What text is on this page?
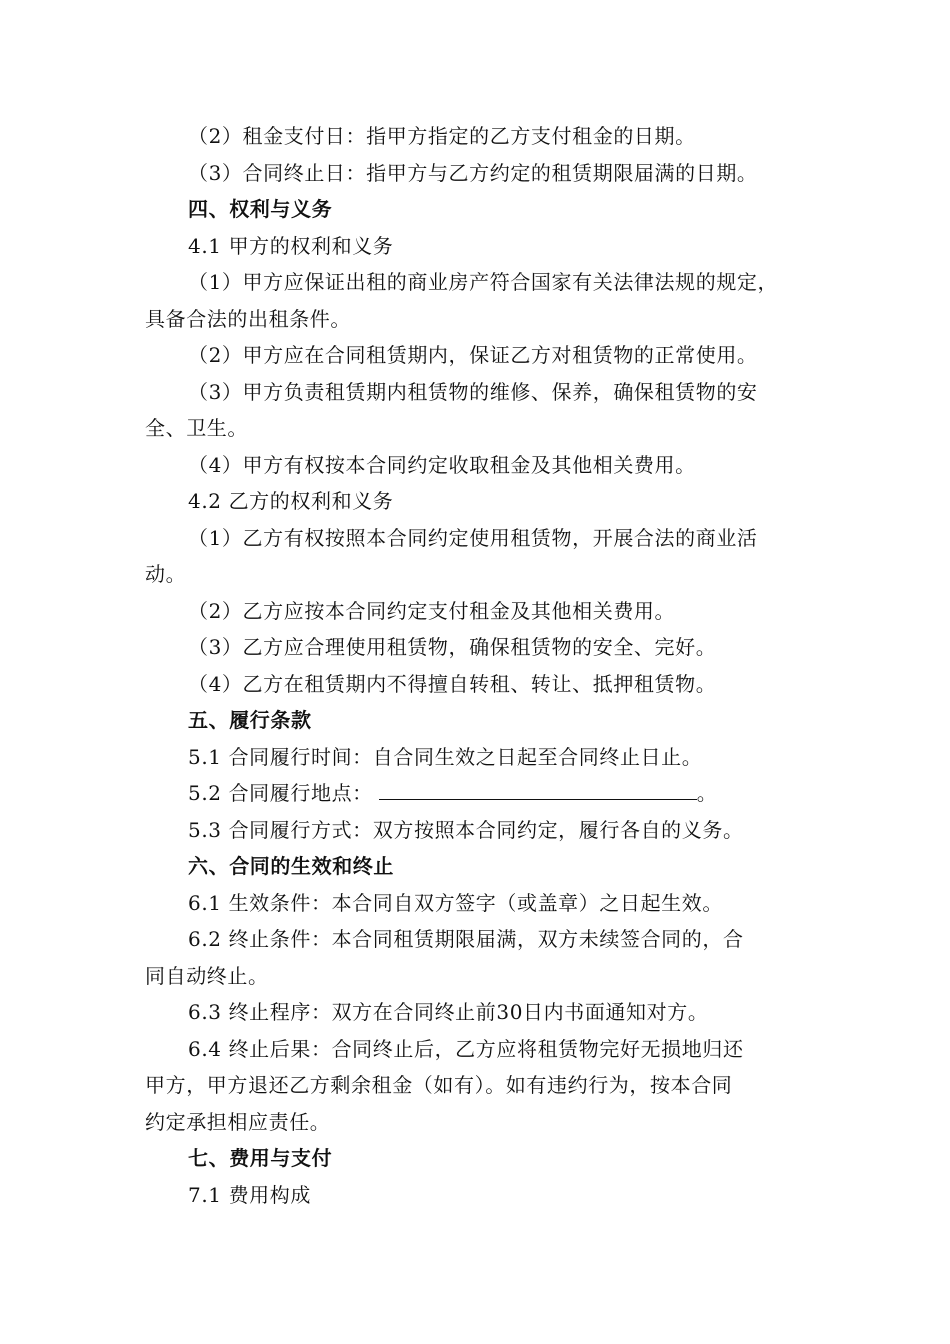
（2）租金支付日：指甲方指定的乙方支付租金的日期。
（3）合同终止日：指甲方与乙方约定的租赁期限届满的日期。
四、权利与义务
4.1 甲方的权利和义务
（1）甲方应保证出租的商业房产符合国家有关法律法规的规定，
具备合法的出租条件。
（2）甲方应在合同租赁期内，保证乙方对租赁物的正常使用。
（3）甲方负责租赁期内租赁物的维修、保养，确保租赁物的安
全、卫生。
（4）甲方有权按本合同约定收取租金及其他相关费用。
4.2 乙方的权利和义务
（1）乙方有权按照本合同约定使用租赁物，开展合法的商业活
动。
（2）乙方应按本合同约定支付租金及其他相关费用。
（3）乙方应合理使用租赁物，确保租赁物的安全、完好。
（4）乙方在租赁期内不得擅自转租、转让、抵押租赁物。
五、履行条款
5.1 合同履行时间：自合同生效之日起至合同终止日止。
5.2 合同履行地点：	。
5.3 合同履行方式：双方按照本合同约定，履行各自的义务。
六、合同的生效和终止
6.1 生效条件：本合同自双方签字（或盖章）之日起生效。
6.2 终止条件：本合同租赁期限届满，双方未续签合同的，合
同自动终止。
6.3 终止程序：双方在合同终止前30日内书面通知对方。
6.4 终止后果：合同终止后，乙方应将租赁物完好无损地归还
甲方，甲方退还乙方剩余租金（如有）。如有违约行为，按本合同
约定承担相应责任。
七、费用与支付
7.1 费用构成
